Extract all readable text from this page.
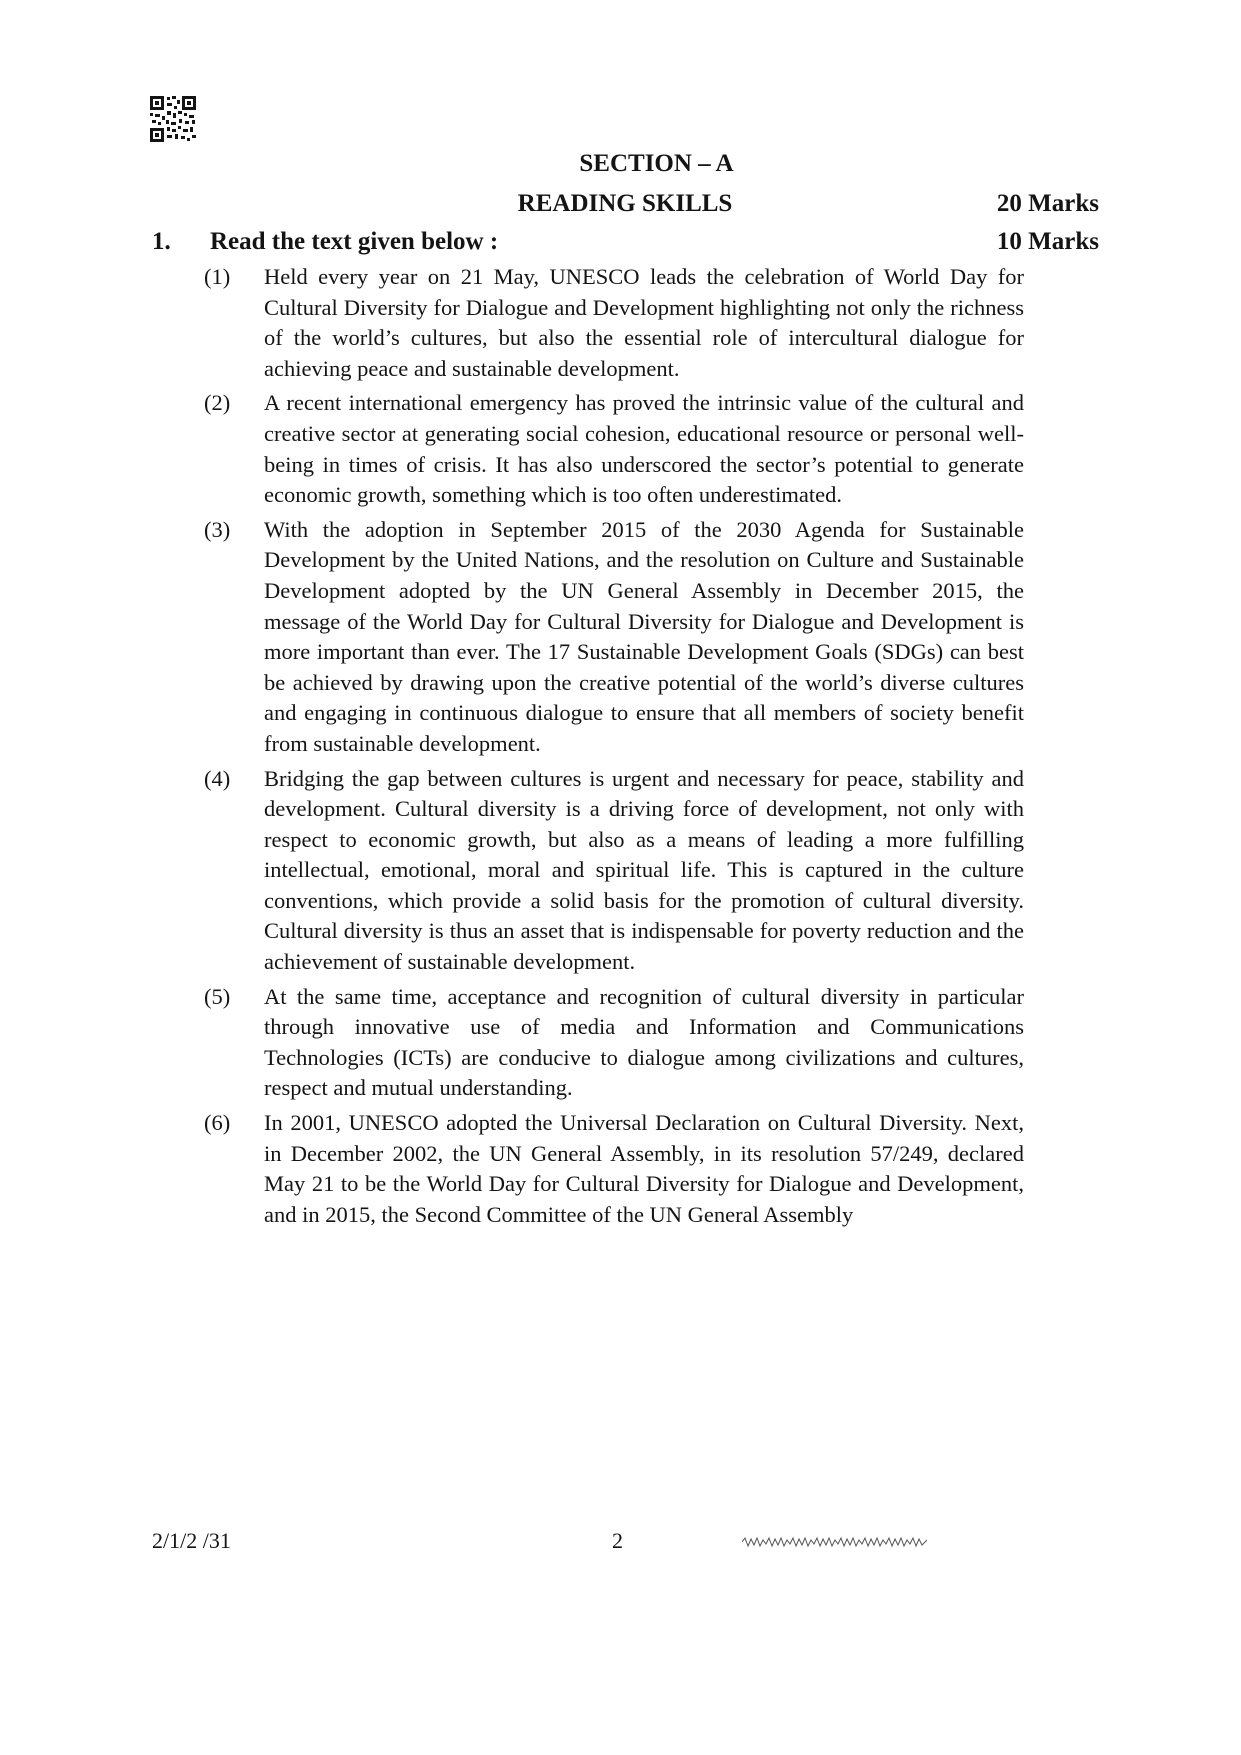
SECTION – A
READING SKILLS	20 Marks
1. Read the text given below :	10 Marks
(1)	Held every year on 21 May, UNESCO leads the celebration of World Day for Cultural Diversity for Dialogue and Development highlighting not only the richness of the world’s cultures, but also the essential role of intercultural dialogue for achieving peace and sustainable development.
(2)	A recent international emergency has proved the intrinsic value of the cultural and creative sector at generating social cohesion, educational resource or personal well-being in times of crisis. It has also underscored the sector’s potential to generate economic growth, something which is too often underestimated.
(3)	With the adoption in September 2015 of the 2030 Agenda for Sustainable Development by the United Nations, and the resolution on Culture and Sustainable Development adopted by the UN General Assembly in December 2015, the message of the World Day for Cultural Diversity for Dialogue and Development is more important than ever. The 17 Sustainable Development Goals (SDGs) can best be achieved by drawing upon the creative potential of the world’s diverse cultures and engaging in continuous dialogue to ensure that all members of society benefit from sustainable development.
(4)	Bridging the gap between cultures is urgent and necessary for peace, stability and development. Cultural diversity is a driving force of development, not only with respect to economic growth, but also as a means of leading a more fulfilling intellectual, emotional, moral and spiritual life. This is captured in the culture conventions, which provide a solid basis for the promotion of cultural diversity. Cultural diversity is thus an asset that is indispensable for poverty reduction and the achievement of sustainable development.
(5)	At the same time, acceptance and recognition of cultural diversity in particular through innovative use of media and Information and Communications Technologies (ICTs) are conducive to dialogue among civilizations and cultures, respect and mutual understanding.
(6)	In 2001, UNESCO adopted the Universal Declaration on Cultural Diversity. Next, in December 2002, the UN General Assembly, in its resolution 57/249, declared May 21 to be the World Day for Cultural Diversity for Dialogue and Development, and in 2015, the Second Committee of the UN General Assembly
2/1/2 /31	2
